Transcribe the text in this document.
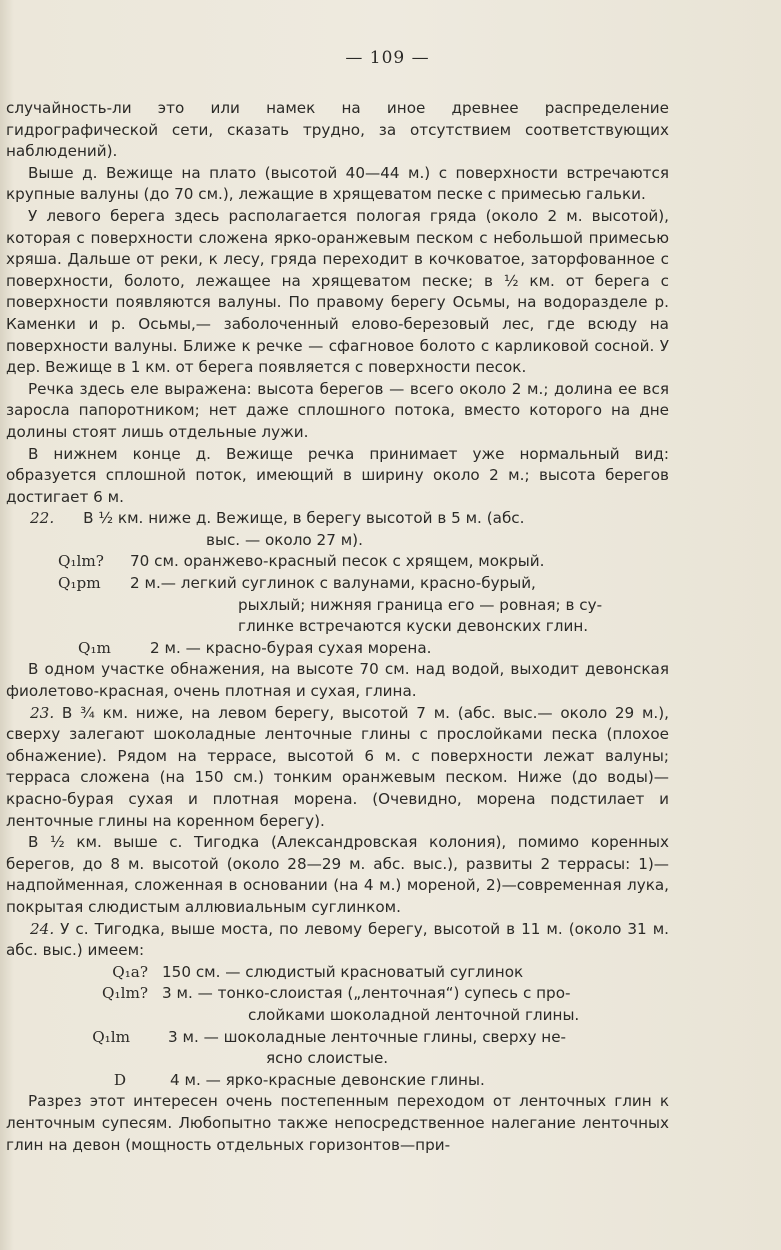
— 109 —

случайность-ли это или намек на иное древнее распределение гидрографической сети, сказать трудно, за отсутствием соответствующих наблюдений).

Выше д. Вежище на плато (высотой 40—44 м.) с поверхности встречаются крупные валуны (до 70 см.), лежащие в хрящеватом песке с примесью гальки.

У левого берега здесь располагается пологая гряда (около 2 м. высотой), которая с поверхности сложена ярко-оранжевым песком с небольшой примесью хряша. Дальше от реки, к лесу, гряда переходит в кочковатое, заторфованное с поверхности, болото, лежащее на хрящеватом песке; в ½ км. от берега с поверхности появляются валуны. По правому берегу Осьмы, на водоразделе р. Каменки и р. Осьмы,— заболоченный елово-березовый лес, где всюду на поверхности валуны. Ближе к речке — сфагновое болото с карликовой сосной. У дер. Вежище в 1 км. от берега появляется с поверхности песок.

Речка здесь еле выражена: высота берегов — всего около 2 м.; долина ее вся заросла папоротником; нет даже сплошного потока, вместо которого на дне долины стоят лишь отдельные лужи.

В нижнем конце д. Вежище речка принимает уже нормальный вид: образуется сплошной поток, имеющий в ширину около 2 м.; высота берегов достигает 6 м.

22. В ½ км. ниже д. Вежище, в берегу высотой в 5 м. (абс.

выс. — около 27 м).

Q₁lm?	70 см. оранжево-красный песок с хрящем, мокрый.
Q₁pm	2 м.— легкий суглинок с валунами, красно-бурый,

рыхлый; нижняя граница его — ровная; в су-

глинке встречаются куски девонских глин.

Q₁m	2 м. — красно-бурая сухая морена.

В одном участке обнажения, на высоте 70 см. над водой, выходит девонская фиолетово-красная, очень плотная и сухая, глина.

23. В ¾ км. ниже, на левом берегу, высотой 7 м. (абс. выс.— около 29 м.), сверху залегают шоколадные ленточные глины с прослойками песка (плохое обнажение). Рядом на террасе, высотой 6 м. с поверхности лежат валуны; терраса сложена (на 150 см.) тонким оранжевым песком. Ниже (до воды)—красно-бурая сухая и плотная морена. (Очевидно, морена подстилает и ленточные глины на коренном берегу).

В ½ км. выше с. Тигодка (Александровская колония), помимо коренных берегов, до 8 м. высотой (около 28—29 м. абс. выс.), развиты 2 террасы: 1)—надпойменная, сложенная в основании (на 4 м.) мореной, 2)—современная лука, покрытая слюдистым аллювиальным суглинком.

24. У с. Тигодка, выше моста, по левому берегу, высотой в 11 м. (около 31 м. абс. выс.) имеем:

Q₁a? 150 см. — слюдистый красноватый суглинок
Q₁lm? 3 м. — тонко-слоистая („ленточная“) супесь с про-

слойками шоколадной ленточной глины.

Q₁lm	3 м. — шоколадные ленточные глины, сверху не-

ясно слоистые.

D	4 м. — ярко-красные девонские глины.

Разрез этот интересен очень постепенным переходом от ленточных глин к ленточным супесям. Любопытно также непосредственное налегание ленточных глин на девон (мощность отдельных горизонтов—при-
